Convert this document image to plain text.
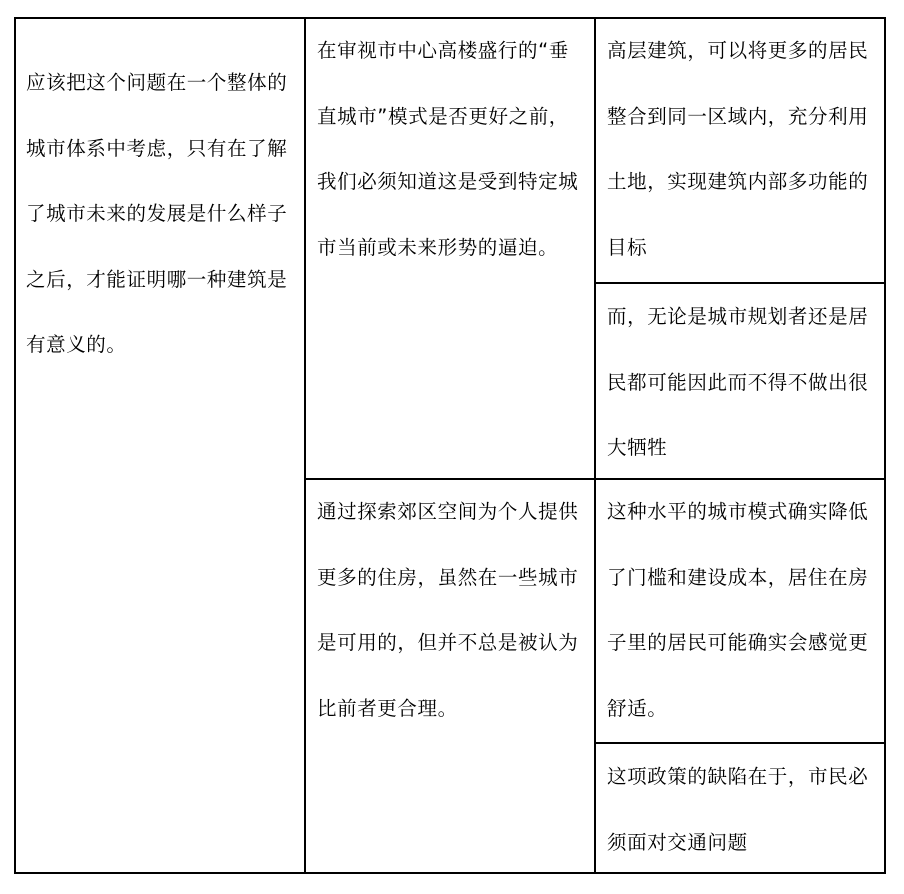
应该把这个问题在一个整体的城市体系中考虑，只有在了解了城市未来的发展是什么样子之后，才能证明哪一种建筑是有意义的。
在审视市中心高楼盛行的“垂直城市”模式是否更好之前，我们必须知道这是受到特定城市当前或未来形势的逼迫。
高层建筑，可以将更多的居民整合到同一区域内，充分利用土地，实现建筑内部多功能的目标
而，无论是城市规划者还是居民都可能因此而不得不做出很大牺牲
通过探索郊区空间为个人提供更多的住房，虽然在一些城市是可用的，但并不总是被认为比前者更合理。
这种水平的城市模式确实降低了门槛和建设成本，居住在房子里的居民可能确实会感觉更舒适。
这项政策的缺陷在于，市民必须面对交通问题
